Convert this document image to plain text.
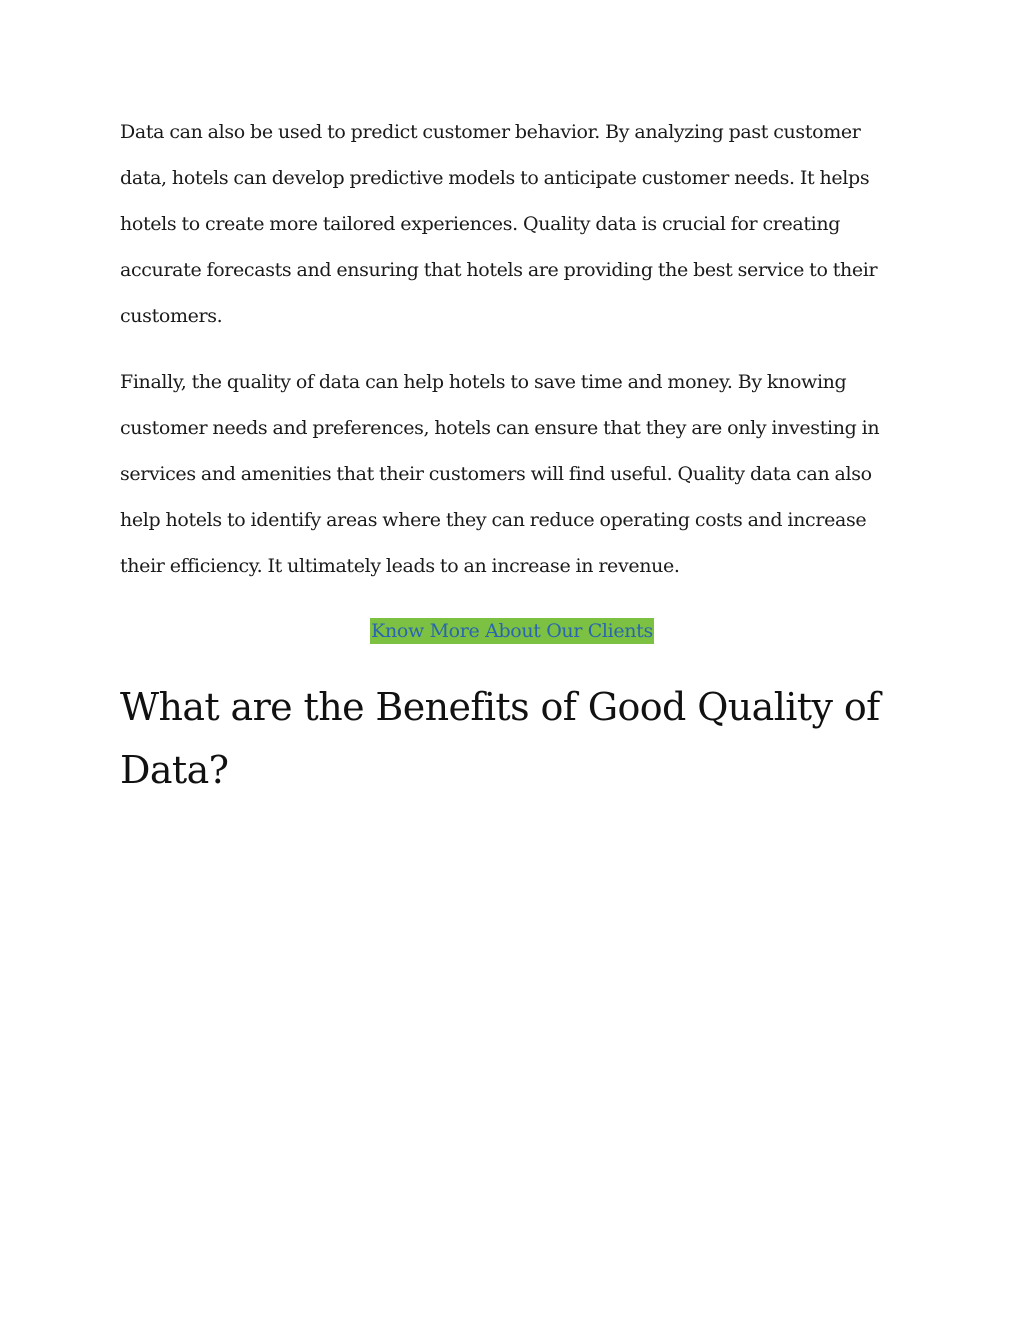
Data can also be used to predict customer behavior. By analyzing past customer data, hotels can develop predictive models to anticipate customer needs. It helps hotels to create more tailored experiences. Quality data is crucial for creating accurate forecasts and ensuring that hotels are providing the best service to their customers.

Finally, the quality of data can help hotels to save time and money. By knowing customer needs and preferences, hotels can ensure that they are only investing in services and amenities that their customers will find useful. Quality data can also help hotels to identify areas where they can reduce operating costs and increase their efficiency. It ultimately leads to an increase in revenue.

Know More About Our Clients
What are the Benefits of Good Quality of Data?
